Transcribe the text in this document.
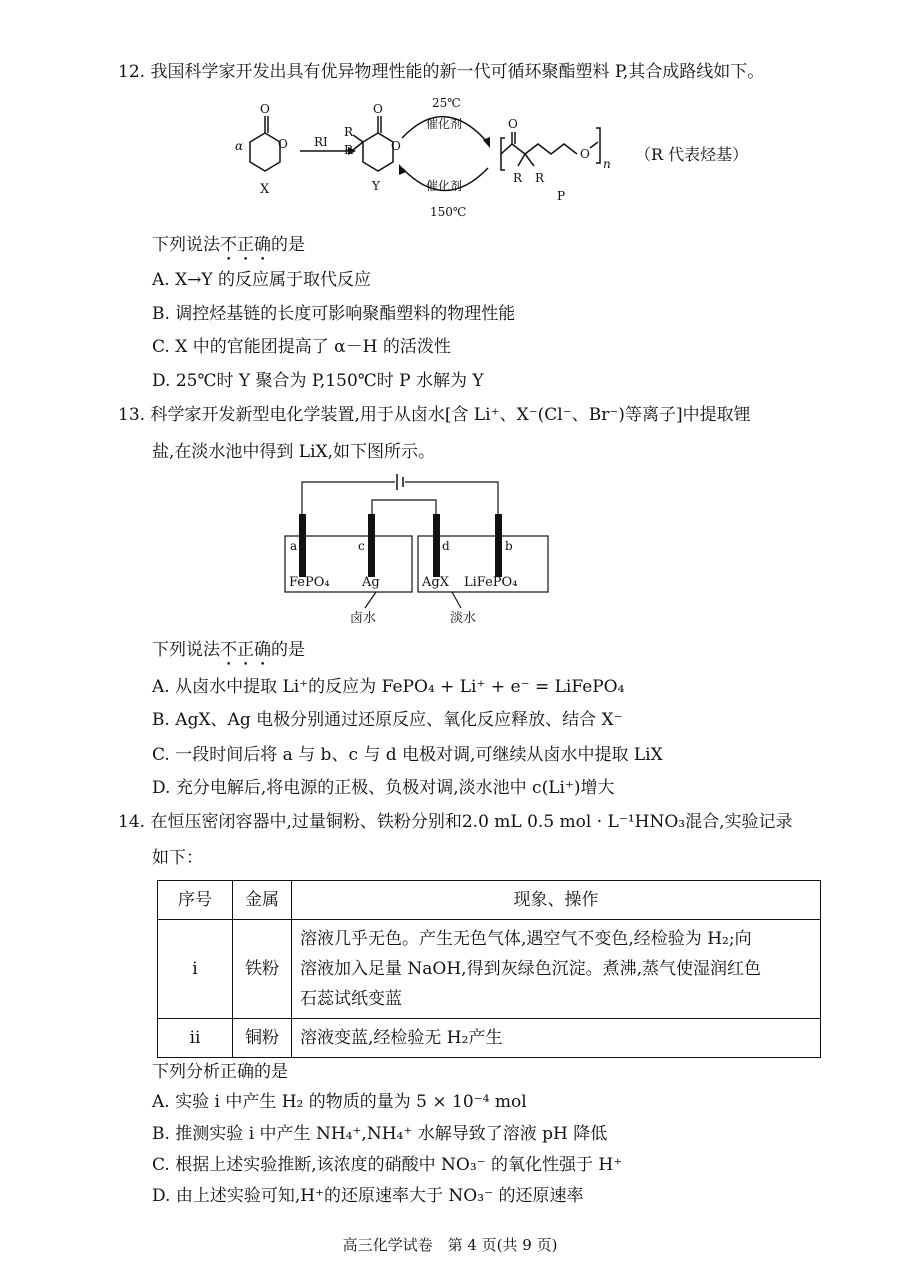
12. 我国科学家开发出具有优异物理性能的新一代可循环聚酯塑料 P,其合成路线如下。
O
O
α
X
RI
O
O
R
R
Y
25℃
催化剂
催化剂
150℃
O
O
n
R R
P
（R 代表烃基）
下列说法不正确的是
A. X→Y 的反应属于取代反应
B. 调控烃基链的长度可影响聚酯塑料的物理性能
C. X 中的官能团提高了 α－H 的活泼性
D. 25℃时 Y 聚合为 P,150℃时 P 水解为 Y
13. 科学家开发新型电化学装置,用于从卤水[含 Li⁺、X⁻(Cl⁻、Br⁻)等离子]中提取锂
盐,在淡水池中得到 LiX,如下图所示。
a	c	d	b
FePO₄ Ag	AgX LiFePO₄
卤水	淡水
下列说法不正确的是
A. 从卤水中提取 Li⁺的反应为 FePO₄ + Li⁺ + e⁻ = LiFePO₄
B. AgX、Ag 电极分别通过还原反应、氧化反应释放、结合 X⁻
C. 一段时间后将 a 与 b、c 与 d 电极对调,可继续从卤水中提取 LiX
D. 充分电解后,将电源的正极、负极对调,淡水池中 c(Li⁺)增大
14. 在恒压密闭容器中,过量铜粉、铁粉分别和2.0 mL 0.5 mol · L⁻¹HNO₃混合,实验记录
如下：
序号	金属	现象、操作
i	铁粉	溶液几乎无色。产生无色气体,遇空气不变色,经检验为 H₂;向
溶液加入足量 NaOH,得到灰绿色沉淀。煮沸,蒸气使湿润红色
石蕊试纸变蓝

ii	铜粉	溶液变蓝,经检验无 H₂产生
下列分析正确的是
A. 实验 i 中产生 H₂ 的物质的量为 5 × 10⁻⁴ mol
B. 推测实验 i 中产生 NH₄⁺,NH₄⁺ 水解导致了溶液 pH 降低
C. 根据上述实验推断,该浓度的硝酸中 NO₃⁻ 的氧化性强于 H⁺
D. 由上述实验可知,H⁺的还原速率大于 NO₃⁻ 的还原速率
高三化学试卷　第 4 页(共 9 页)
